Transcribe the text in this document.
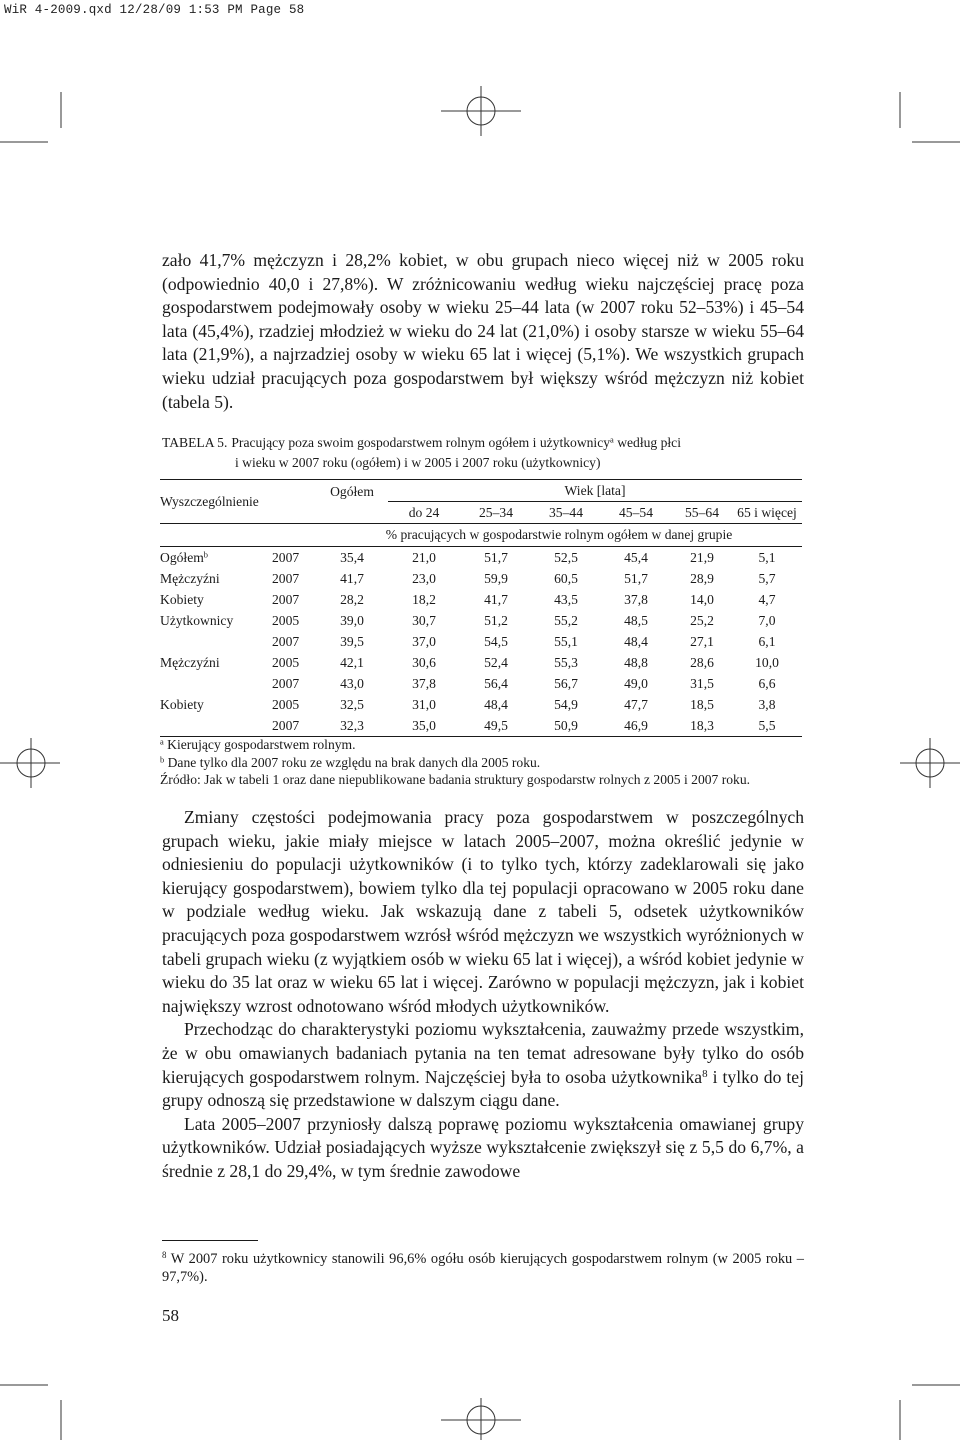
WiR 4-2009.qxd 12/28/09 1:53 PM Page 58

zało 41,7% mężczyzn i 28,2% kobiet, w obu grupach nieco więcej niż w 2005 roku (odpowiednio 40,0 i 27,8%). W zróżnicowaniu według wieku najczęściej pracę poza gospodarstwem podejmowały osoby w wieku 25–44 lata (w 2007 roku 52–53%) i 45–54 lata (45,4%), rzadziej młodzież w wieku do 24 lat (21,0%) i osoby starsze w wieku 55–64 lata (21,9%), a najrzadziej osoby w wieku 65 lat i więcej (5,1%). We wszystkich grupach wieku udział pracujących poza gospodarstwem był większy wśród mężczyzn niż kobiet (tabela 5).

TABELA 5. Pracujący poza swoim gospodarstwem rolnym ogółem i użytkownicy$^a$ według płci
i wieku w 2007 roku (ogółem) i w 2005 i 2007 roku (użytkownicy)
Wyszczególnienie		Ogółem	Wiek [lata]					
			do 24	25–34	35–44	45–54	55–64	65 i więcej
		% pracujących w gospodarstwie rolnym ogółem w danej grupie						
Ogółem$^b$	2007	35,4	21,0	51,7	52,5	45,4	21,9	5,1
Mężczyźni	2007	41,7	23,0	59,9	60,5	51,7	28,9	5,7
Kobiety	2007	28,2	18,2	41,7	43,5	37,8	14,0	4,7
Użytkownicy	2005	39,0	30,7	51,2	55,2	48,5	25,2	7,0
	2007	39,5	37,0	54,5	55,1	48,4	27,1	6,1
Mężczyźni	2005	42,1	30,6	52,4	55,3	48,8	28,6	10,0
	2007	43,0	37,8	56,4	56,7	49,0	31,5	6,6
Kobiety	2005	32,5	31,0	48,4	54,9	47,7	18,5	3,8
	2007	32,3	35,0	49,5	50,9	46,9	18,3	5,5
$^a$ Kierujący gospodarstwem rolnym.
$^b$ Dane tylko dla 2007 roku ze względu na brak danych dla 2005 roku.
Źródło: Jak w tabeli 1 oraz dane niepublikowane badania struktury gospodarstw rolnych z 2005 i 2007 roku.

Zmiany częstości podejmowania pracy poza gospodarstwem w poszczególnych grupach wieku, jakie miały miejsce w latach 2005–2007, można określić jedynie w odniesieniu do populacji użytkowników (i to tylko tych, którzy zadeklarowali się jako kierujący gospodarstwem), bowiem tylko dla tej populacji opracowano w 2005 roku dane w podziale według wieku. Jak wskazują dane z tabeli 5, odsetek użytkowników pracujących poza gospodarstwem wzrósł wśród mężczyzn we wszystkich wyróżnionych w tabeli grupach wieku (z wyjątkiem osób w wieku 65 lat i więcej), a wśród kobiet jedynie w wieku do 35 lat oraz w wieku 65 lat i więcej. Zarówno w populacji mężczyzn, jak i kobiet największy wzrost odnotowano wśród młodych użytkowników.

Przechodząc do charakterystyki poziomu wykształcenia, zauważmy przede wszystkim, że w obu omawianych badaniach pytania na ten temat adresowane były tylko do osób kierujących gospodarstwem rolnym. Najczęściej była to osoba użytkownika$^8$ i tylko do tej grupy odnoszą się przedstawione w dalszym ciągu dane.

Lata 2005–2007 przyniosły dalszą poprawę poziomu wykształcenia omawianej grupy użytkowników. Udział posiadających wyższe wykształcenie zwiększył się z 5,5 do 6,7%, a średnie z 28,1 do 29,4%, w tym średnie zawodowe

$^8$ W 2007 roku użytkownicy stanowili 96,6% ogółu osób kierujących gospodarstwem rolnym (w 2005 roku – 97,7%).
58
